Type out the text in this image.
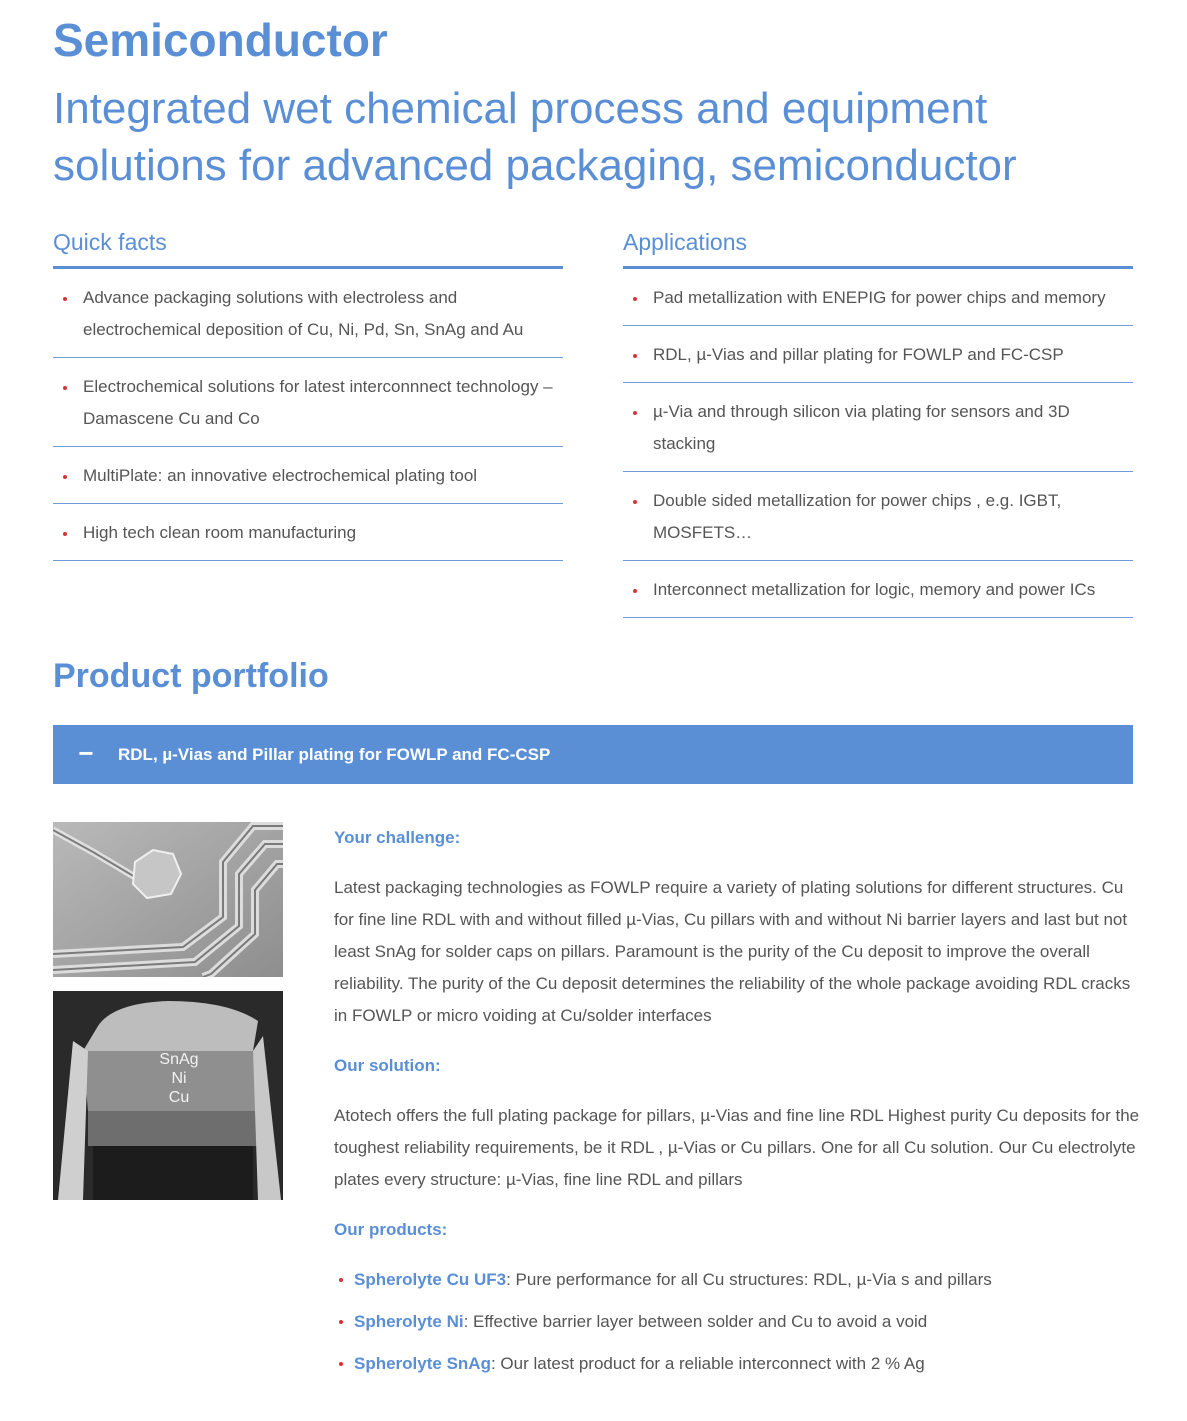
Semiconductor
Integrated wet chemical process and equipment solutions for advanced packaging, semiconductor
Quick facts
Advance packaging solutions with electroless and electrochemical deposition of Cu, Ni, Pd, Sn, SnAg and Au
Electrochemical solutions for latest interconnnect technology – Damascene Cu and Co
MultiPlate: an innovative electrochemical plating tool
High tech clean room manufacturing
Applications
Pad metallization with ENEPIG for power chips and memory
RDL, µ-Vias and pillar plating for FOWLP and FC-CSP
µ-Via and through silicon via plating for sensors and 3D stacking
Double sided metallization for power chips , e.g. IGBT, MOSFETS…
Interconnect metallization for logic, memory and power ICs
Product portfolio
− RDL, µ-Vias and Pillar plating for FOWLP and FC-CSP
SnAg
Ni
Cu

Your challenge:

Latest packaging technologies as FOWLP require a variety of plating solutions for different structures. Cu for fine line RDL with and without filled µ-Vias, Cu pillars with and without Ni barrier layers and last but not least SnAg for solder caps on pillars. Paramount is the purity of the Cu deposit to improve the overall reliability. The purity of the Cu deposit determines the reliability of the whole package avoiding RDL cracks in FOWLP or micro voiding at Cu/solder interfaces

Our solution:

Atotech offers the full plating package for pillars, µ-Vias and fine line RDL Highest purity Cu deposits for the toughest reliability requirements, be it RDL , µ-Vias or Cu pillars. One for all Cu solution. Our Cu electrolyte plates every structure: µ-Vias, fine line RDL and pillars

Our products:

Spherolyte Cu UF3: Pure performance for all Cu structures: RDL, µ-Via s and pillars

Spherolyte Ni: Effective barrier layer between solder and Cu to avoid a void

Spherolyte SnAg: Our latest product for a reliable interconnect with 2 % Ag
